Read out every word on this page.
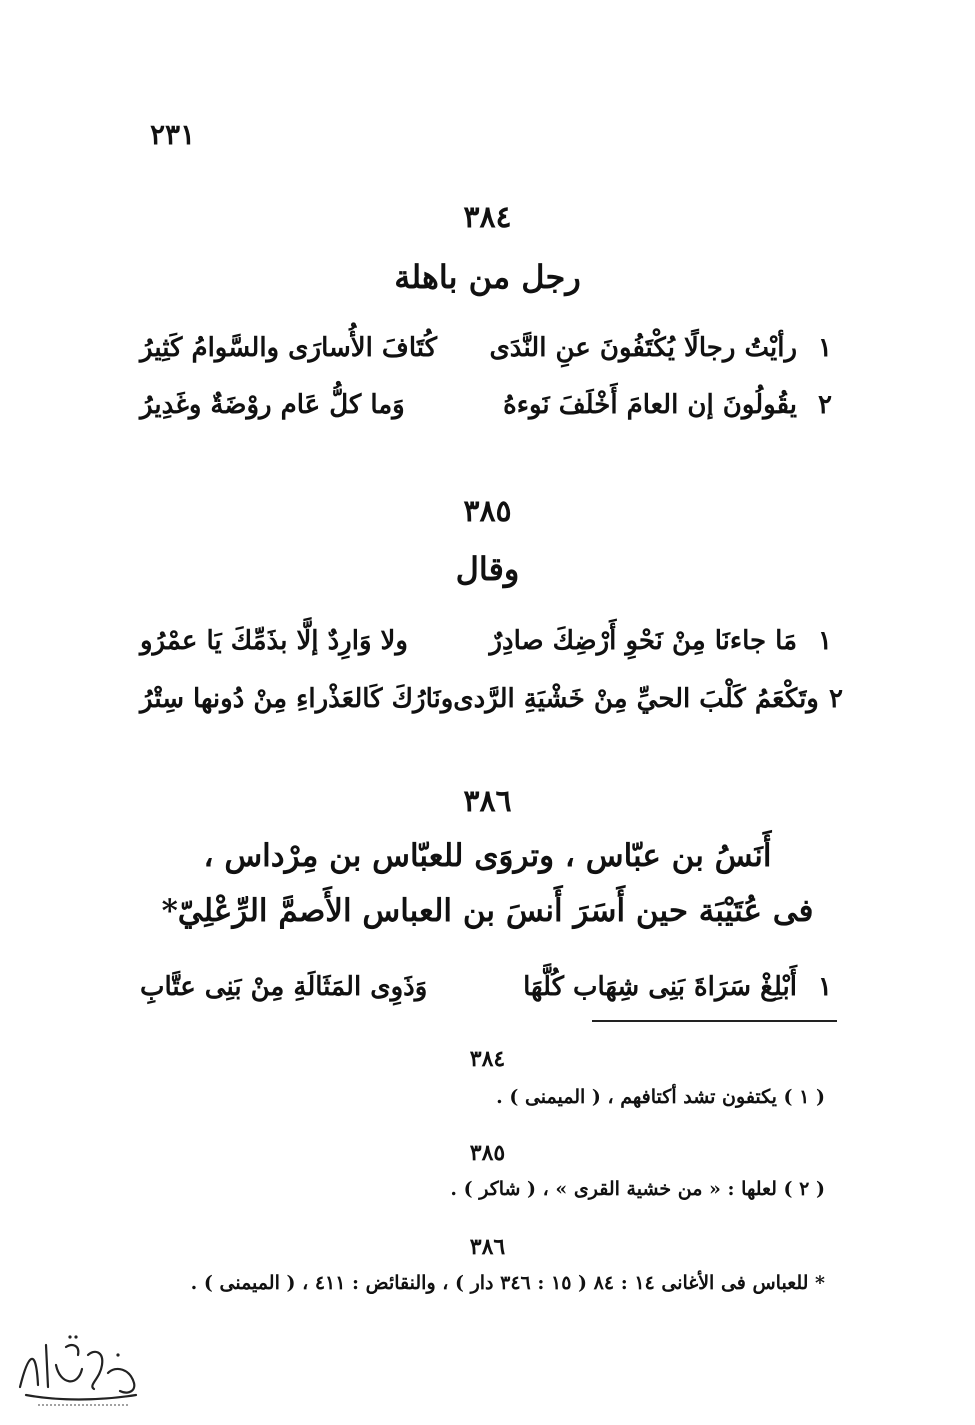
٢٣١
٣٨٤
رجل من باهلة
١
رأيْتُ رجالًا يُكْتَفُونَ عنِ النَّدَى
كُتَافَ الأُسارَى والسَّوامُ كَثِيرُ
٢
يقُولُونَ إن العامَ أَخْلَفَ نَوءهُ
وَما كلُّ عَام روْضَةٌ وغَدِيرُ
٣٨٥
وقال
١
مَا جاءنَا مِنْ نَحْوِ أَرْضِكَ صادِرٌ
ولا وَارِدٌ إلَّا بذَمِّكَ يَا عمْرُو
٢
وتَكْعَمُ كَلْبَ الحيِّ مِنْ خَشْيَةِ الرَّدى
ونَارُكَ كَالعَذْراءِ مِنْ دُونها سِتْرُ
٣٨٦
أَنَسُ بن عبّاس ، وتروَى للعبّاس بن مِرْداس ،
فى عُتَيْبَة حين أَسَرَ أَنسَ بن العباس الأَصمَّ الرِّعْلِيّ*
١
أَبْلِغْ سَرَاةَ بَنِى شِهَاب كُلَّهَا
وَذَوِى المَثَالَةِ مِنْ بَنِى عتَّابِ
٣٨٤
( ١ ) يكتفون تشد أكتافهم ، ( الميمنى ) .
٣٨٥
( ٢ ) لعلها : « من خشية القرى » ، ( شاكر ) .
٣٨٦
* للعباس فى الأغانى ١٤ : ٨٤ ( ١٥ : ٣٤٦ دار ) ، والنقائض : ٤١١ ، ( الميمنى ) .
